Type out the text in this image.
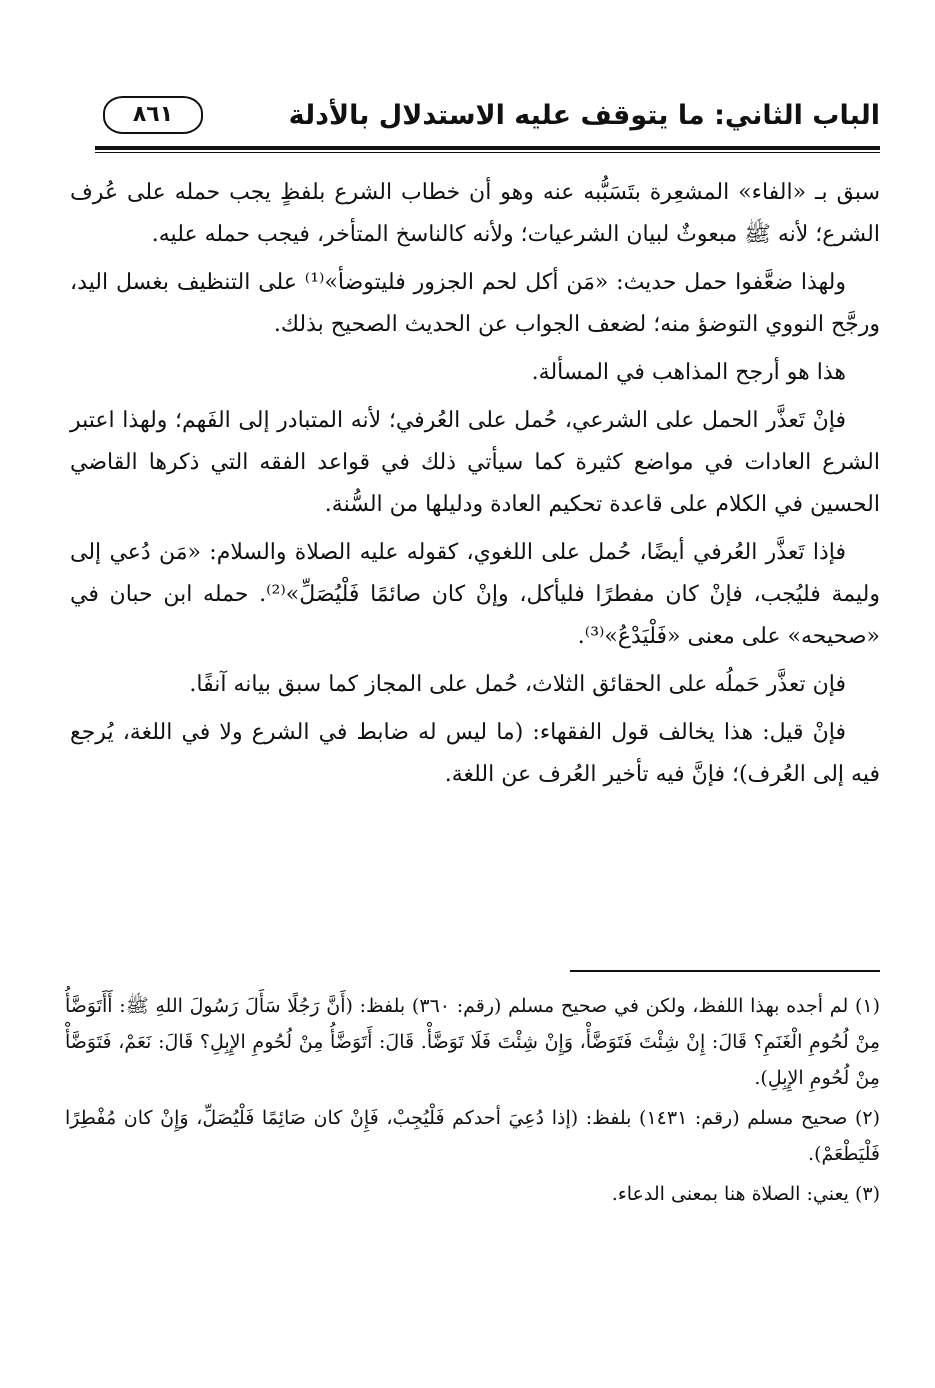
الباب الثاني: ما يتوقف عليه الاستدلال بالأدلة
٨٦١

سبق بـ «الفاء» المشعِرة بتَسَبُّبه عنه وهو أن خطاب الشرع بلفظٍ يجب حمله على عُرف الشرع؛ لأنه ﷺ مبعوثٌ لبيان الشرعيات؛ ولأنه كالناسخ المتأخر، فيجب حمله عليه.

ولهذا ضعَّفوا حمل حديث: «مَن أكل لحم الجزور فليتوضأ»⁽¹⁾ على التنظيف بغسل اليد، ورجَّح النووي التوضؤ منه؛ لضعف الجواب عن الحديث الصحيح بذلك.

هذا هو أرجح المذاهب في المسألة.

فإنْ تَعذَّر الحمل على الشرعي، حُمل على العُرفي؛ لأنه المتبادر إلى الفَهم؛ ولهذا اعتبر الشرع العادات في مواضع كثيرة كما سيأتي ذلك في قواعد الفقه التي ذكرها القاضي الحسين في الكلام على قاعدة تحكيم العادة ودليلها من السُّنة.

فإذا تَعذَّر العُرفي أيضًا، حُمل على اللغوي، كقوله عليه الصلاة والسلام: «مَن دُعي إلى وليمة فليُجب، فإنْ كان مفطرًا فليأكل، وإنْ كان صائمًا فَلْيُصَلِّ»⁽²⁾. حمله ابن حبان في «صحيحه» على معنى «فَلْيَدْعُ»⁽³⁾.

فإن تعذَّر حَملُه على الحقائق الثلاث، حُمل على المجاز كما سبق بيانه آنفًا.

فإنْ قيل: هذا يخالف قول الفقهاء: (ما ليس له ضابط في الشرع ولا في اللغة، يُرجع فيه إلى العُرف)؛ فإنَّ فيه تأخير العُرف عن اللغة.

(١) لم أجده بهذا اللفظ، ولكن في صحيح مسلم (رقم: ٣٦٠) بلفظ: (أَنَّ رَجُلًا سَأَلَ رَسُولَ اللهِ ﷺ: أَأَتَوَضَّأُ مِنْ لُحُومِ الْغَنَمِ؟ قَالَ: إِنْ شِئْتَ فَتَوَضَّأْ، وَإِنْ شِئْتَ فَلَا تَوَضَّأْ. قَالَ: أَتَوَضَّأُ مِنْ لُحُومِ الإِبِلِ؟ قَالَ: نَعَمْ، فَتَوَضَّأْ مِنْ لُحُومِ الإِبِلِ).

(٢) صحيح مسلم (رقم: ١٤٣١) بلفظ: (إذا دُعِيَ أحدكم فَلْيُجِبْ، فَإِنْ كان صَائِمًا فَلْيُصَلِّ، وَإِنْ كان مُفْطِرًا فَلْيَطْعَمْ).

(٣) يعني: الصلاة هنا بمعنى الدعاء.
